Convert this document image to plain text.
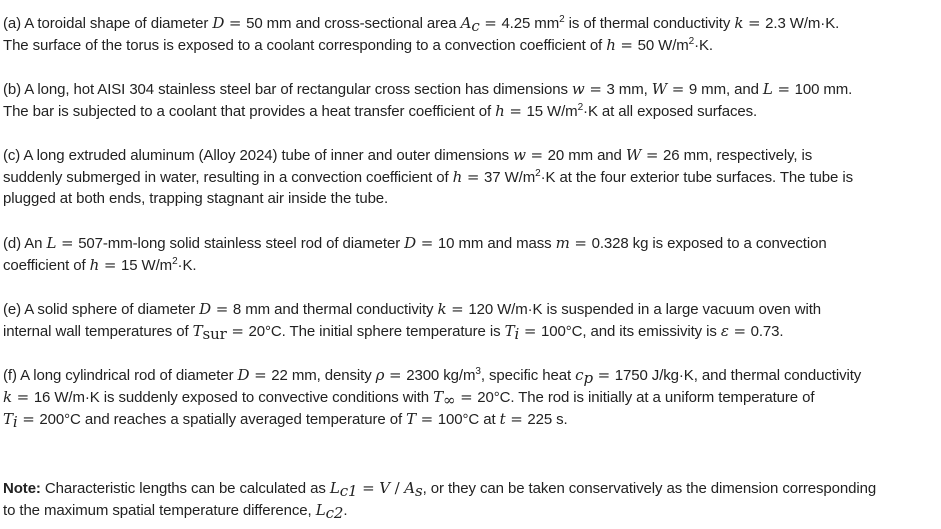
(a) A toroidal shape of diameter D = 50 mm and cross-sectional area $A_c = 4.25$ $mm^2$ is of thermal conductivity k = 2.3 W/m·K.
The surface of the torus is exposed to a coolant corresponding to a convection coefficient of h = 50 $W/m^2\cdot K$.
(b) A long, hot AISI 304 stainless steel bar of rectangular cross section has dimensions w = 3 mm, W = 9 mm, and L = 100 mm.
The bar is subjected to a coolant that provides a heat transfer coefficient of h = 15 $W/m^2\cdot K$ at all exposed surfaces.
(c) A long extruded aluminum (Alloy 2024) tube of inner and outer dimensions w = 20 mm and W = 26 mm, respectively, is
suddenly submerged in water, resulting in a convection coefficient of h = 37 $W/m^2\cdot K$ at the four exterior tube surfaces. The tube is
plugged at both ends, trapping stagnant air inside the tube.
(d) An L = 507-mm-long solid stainless steel rod of diameter D = 10 mm and mass m = 0.328 kg is exposed to a convection
coefficient of h = 15 $W/m^2\cdot K$.
(e) A solid sphere of diameter D = 8 mm and thermal conductivity k = 120 W/m·K is suspended in a large vacuum oven with
internal wall temperatures of $T_{sur} = 20^\circ C$. The initial sphere temperature is $T_i = 100^\circ C$, and its emissivity is ε = 0.73.
(f) A long cylindrical rod of diameter D = 22 mm, density ρ = 2300 $kg/m^3$, specific heat $c_p = 1750$ J/kg·K, and thermal conductivity
k = 16 W/m·K is suddenly exposed to convective conditions with $T_\infty = 20^\circ C$. The rod is initially at a uniform temperature of
$T_i = 200^\circ C$ and reaches a spatially averaged temperature of T = 100°C at t = 225 s.
Note: Characteristic lengths can be calculated as $L_{c1} = V / A_s$, or they can be taken conservatively as the dimension corresponding
to the maximum spatial temperature difference, $L_{c2}$.
